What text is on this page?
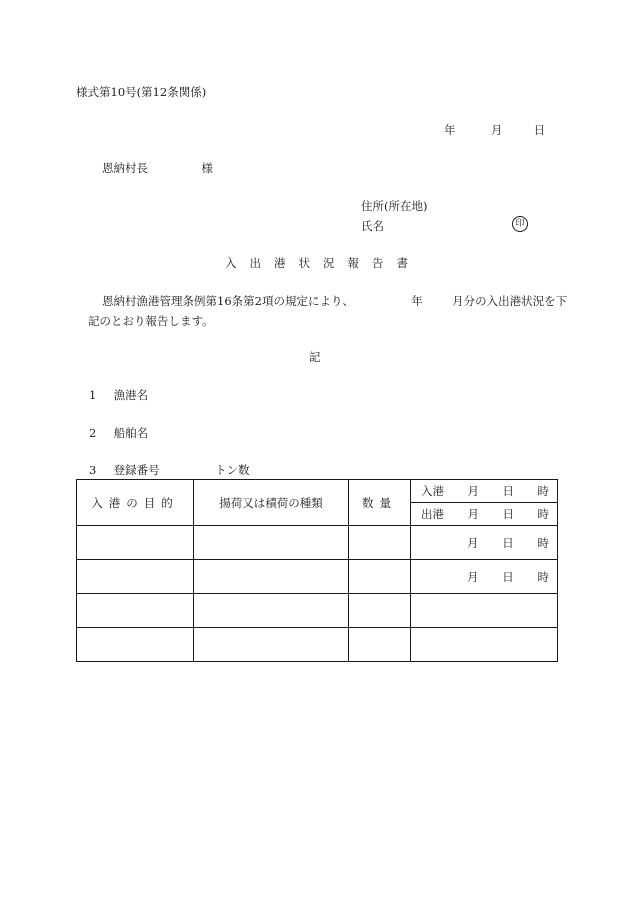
様式第10号(第12条関係)
年	月	日
恩納村長	様
住所(所在地)
氏名	印
入出港状況報告書
恩納村漁港管理条例第16条第2項の規定により、	年	月分の入出港状況を下
記のとおり報告します。
記
1 漁港名
2 船舶名
3 登録番号	トン数
入港の目的	揚荷又は積荷の種類	数量	入港 月 日 時

			出港 月 日 時

			月 日 時

			月 日 時
